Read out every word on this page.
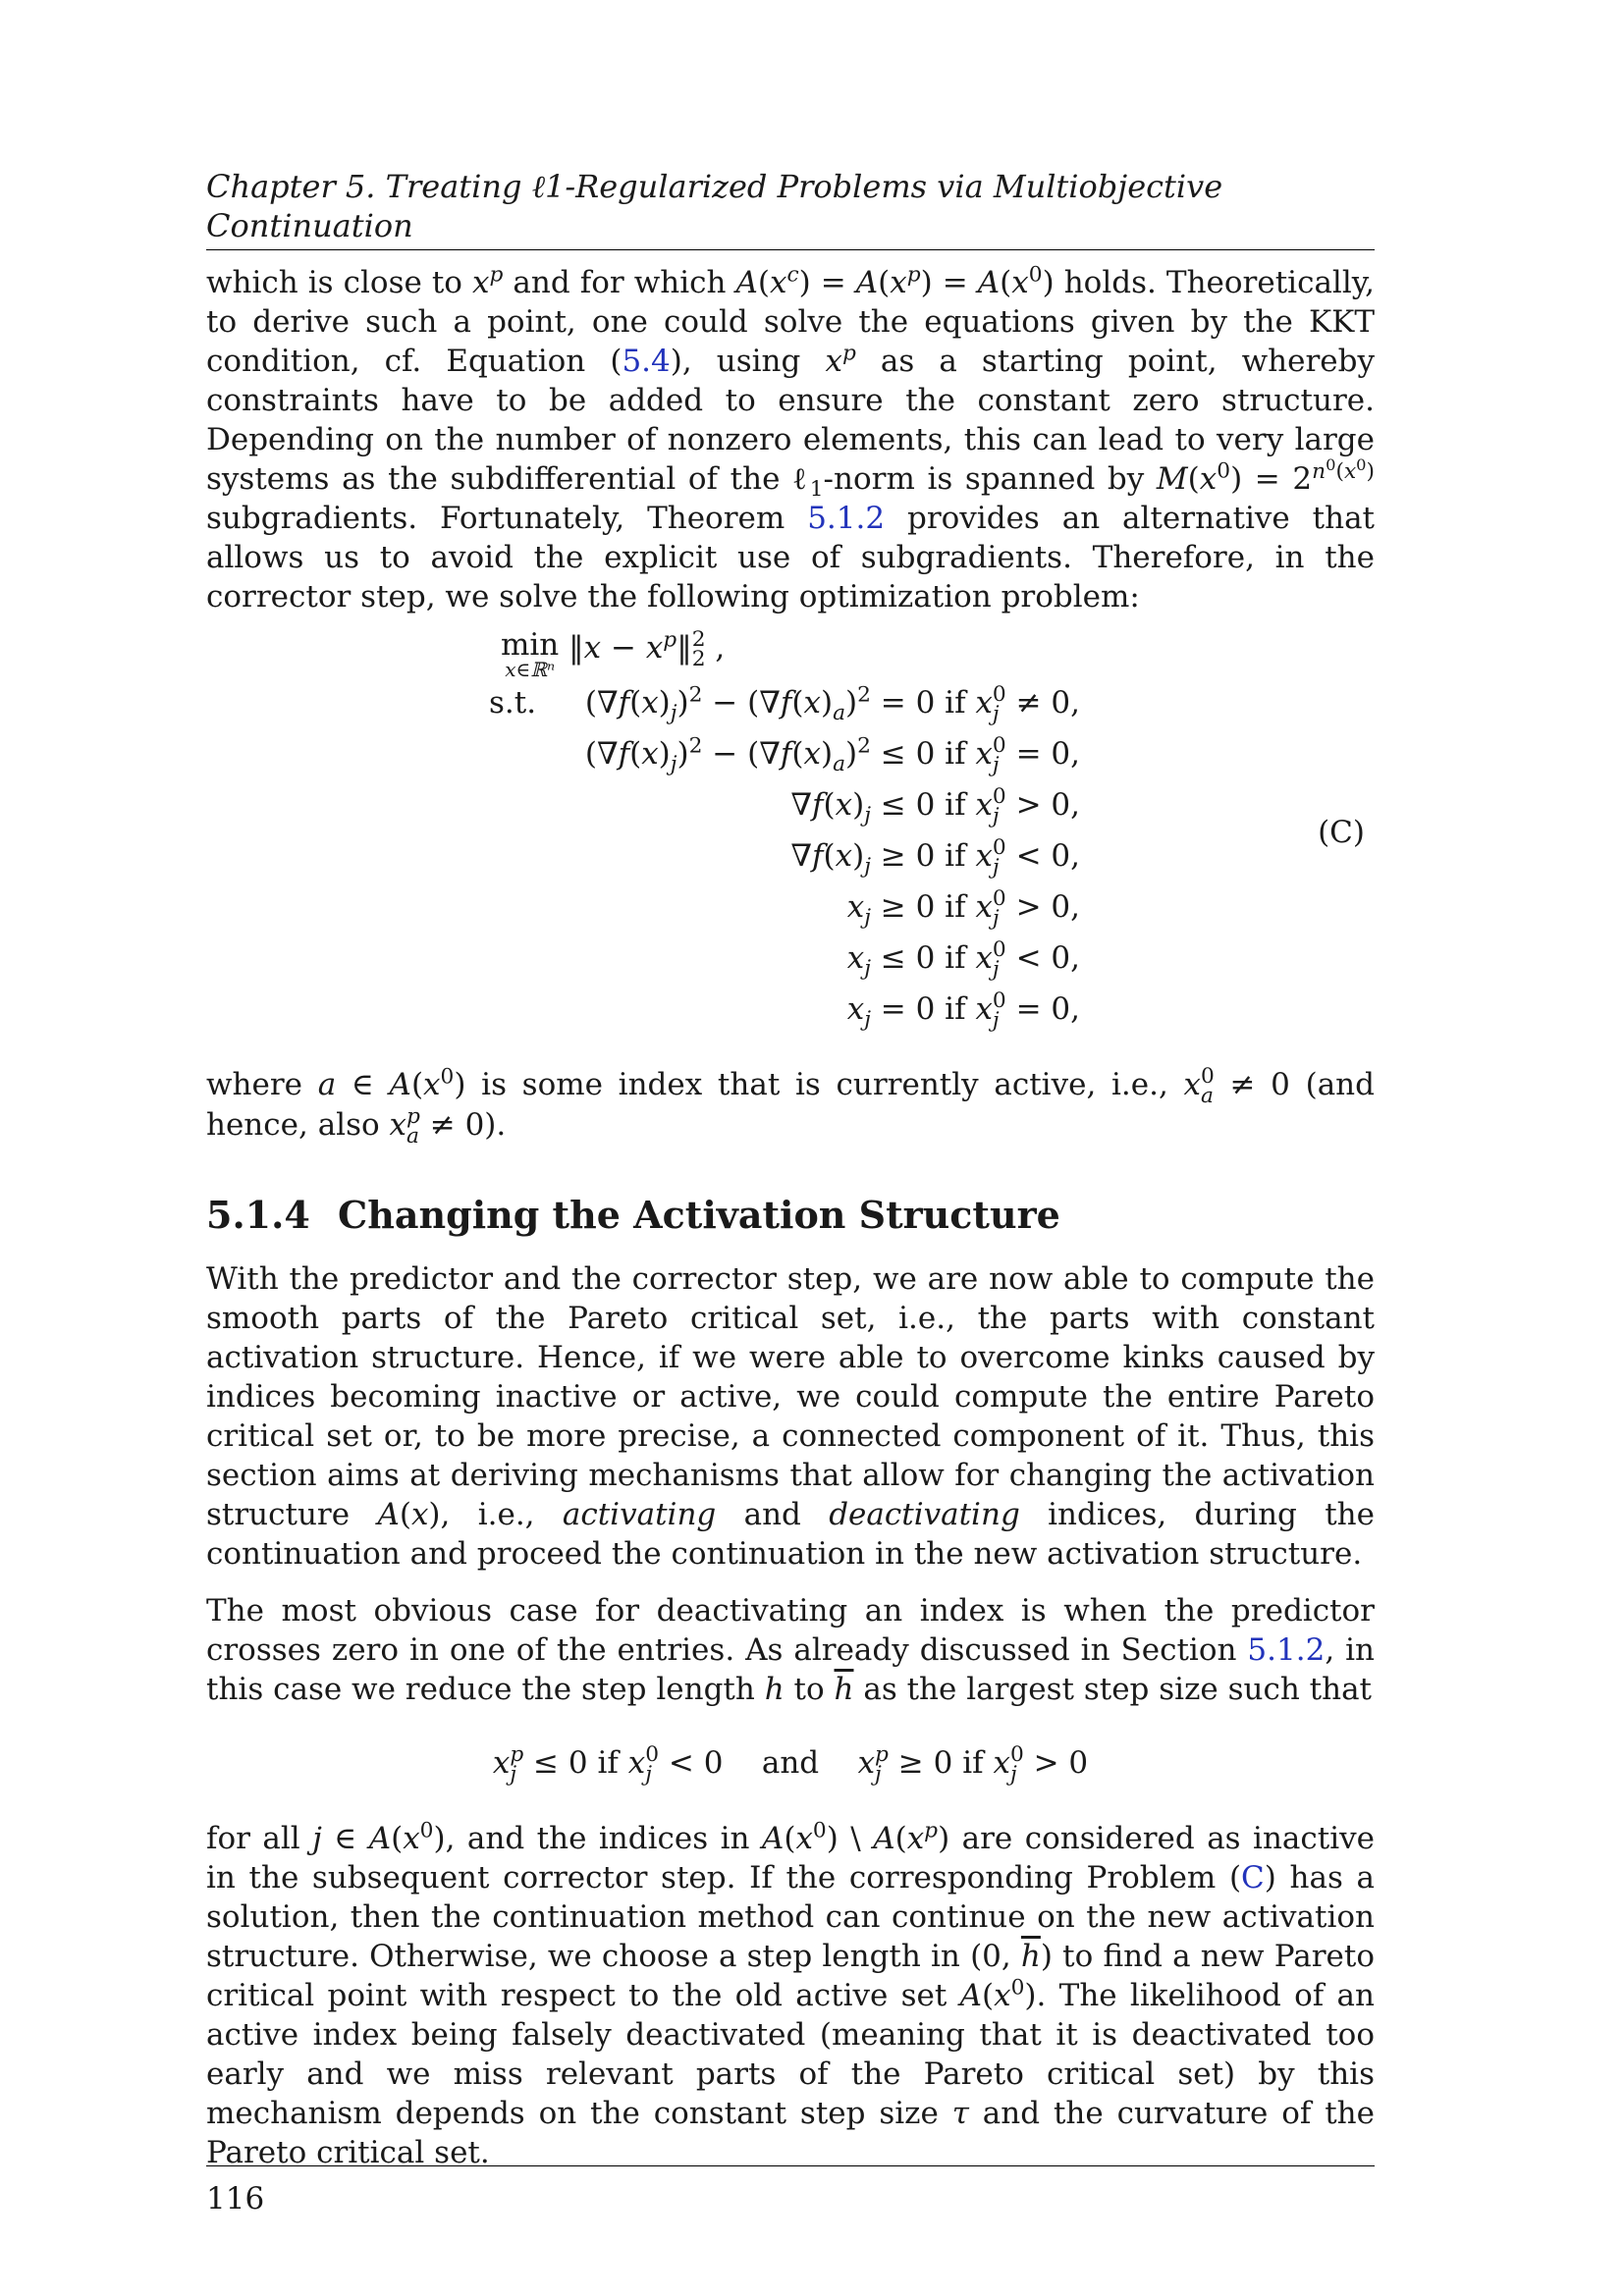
Chapter 5. Treating ℓ1-Regularized Problems via Multiobjective Continuation

which is close to $x^p$ and for which $A(x^c) = A(x^p) = A(x^0)$ holds. Theoretically, to derive such a point, one could solve the equations given by the KKT condition, cf. Equation (5.4), using $x^p$ as a starting point, whereby constraints have to be added to ensure the constant zero structure. Depending on the number of nonzero elements, this can lead to very large systems as the subdifferential of the ℓ$_1$-norm is spanned by $M(x^0) = 2^{n^0(x^0)}$ subgradients. Fortunately, Theorem 5.1.2 provides an alternative that allows us to avoid the explicit use of subgradients. Therefore, in the corrector step, we solve the following optimization problem:

min
x∈ℝⁿ
‖x − $x^p‖$ 2
2 ,
s.t. $(\nabla f(x)_j)^2 - (\nabla f(x)_a)^2 = 0$ if x 0
j ≠ 0,
$(\nabla f(x)_j)^2 - (\nabla f(x)_a)^2 \le 0$ if x 0
j = 0,
$\nabla f(x)_j \le 0$ if x 0
j > 0,
$\nabla f(x)_j \ge 0$ if x 0
j < 0,
$x_j \ge 0$ if x 0
j > 0,
$x_j \le 0$ if x 0
j < 0,
$x_j = 0$ if x 0
j = 0,
(C)

where a ∈ $A(x^0)$ is some index that is currently active, i.e., x 0
a ≠ 0 (and hence, also x p
a ≠ 0).

5.1.4 Changing the Activation Structure

With the predictor and the corrector step, we are now able to compute the smooth parts of the Pareto critical set, i.e., the parts with constant activation structure. Hence, if we were able to overcome kinks caused by indices becoming inactive or active, we could compute the entire Pareto critical set or, to be more precise, a connected component of it. Thus, this section aims at deriving mechanisms that allow for changing the activation structure A(x), i.e., activating and deactivating indices, during the continuation and proceed the continuation in the new activation structure.

The most obvious case for deactivating an index is when the predictor crosses zero in one of the entries. As already discussed in Section 5.1.2, in this case we reduce the step length h to $\overline{h}$ as the largest step size such that

x p
j ≤ 0 if x 0
j < 0    and x p
j ≥ 0 if x 0
j > 0

for all j ∈ $A(x^0)$, and the indices in $A(x^0)$ \ $A(x^p)$ are considered as inactive in the subsequent corrector step. If the corresponding Problem (C) has a solution, then the continuation method can continue on the new activation structure. Otherwise, we choose a step length in (0, $\overline{h}$) to find a new Pareto critical point with respect to the old active set $A(x^0)$. The likelihood of an active index being falsely deactivated (meaning that it is deactivated too early and we miss relevant parts of the Pareto critical set) by this mechanism depends on the constant step size τ and the curvature of the Pareto critical set.

116
